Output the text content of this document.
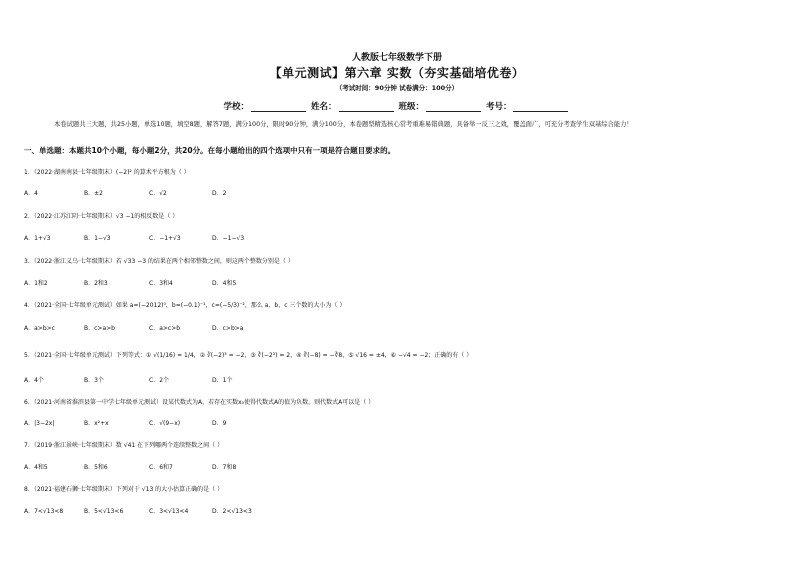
人教版七年级数学下册
【单元测试】第六章 实数（夯实基础培优卷）
（考试时间：90分钟 试卷满分：100分）
学校：	姓名：	班级：	考号：
本卷试题共三大题，共25小题，单选10题，填空8题，解答7题，满分100分，限时90分钟，满分100分，本卷题型精选核心常考重难易错典题，具备举一反三之效，覆盖面广，可充分考查学生双基综合能力！
一、单选题：本题共10个小题，每小题2分，共20分。在每小题给出的四个选项中只有一项是符合题目要求的。
1．（2022·湖南南县·七年级期末）(−2)² 的算术平方根为（ ）
A．4	B．±2	C．√2	D．2
2．（2022·江苏江阴·七年级期末）√3 −1的相反数是（ ）
A．1+√3	B．1−√3	C．−1+√3	D．−1−√3
3．（2022·浙江义乌·七年级期末）若 √33 −3 的结果在两个相邻整数之间，则这两个整数分别是（ ）
A．1和2	B．2和3	C．3和4	D．4和5
4．（2021·全国·七年级单元测试）如果 a=(−2012)⁰，b=(−0.1)⁻¹，c=(−5/3)⁻²，那么 a、b、c 三个数的大小为（ ）
A．a>b>c	B．c>a>b	C．a>c>b	D．c>b>a
5．（2021·全国·七年级单元测试）下列等式：① √(1/16) = 1/4，② ∛(−2)³ = −2，③ ∛(−2³) = 2，④ ∛(−8) = −∛8，⑤ √16 = ±4，⑥ −√4 = −2；正确的有（ ）
A．4个	B．3个	C．2个	D．1个
6．（2021·河南省淮滨县第一中学七年级单元测试）设某代数式为A，若存在实数x₀使得代数式A的值为负数，则代数式A可以是（ ）
A．|3−2x|	B．x²+x	C．√(9−x)	D．9
7．（2019·浙江景峡·七年级期末）数 √41 在下列哪两个连续整数之间（ ）
A．4和5	B．5和6	C．6和7	D．7和8
8．（2021·福建石狮·七年级期末）下列对于 √13 的大小估算正确的是（ ）
A．7<√13<8	B．5<√13<6	C．3<√13<4	D．2<√13<3
